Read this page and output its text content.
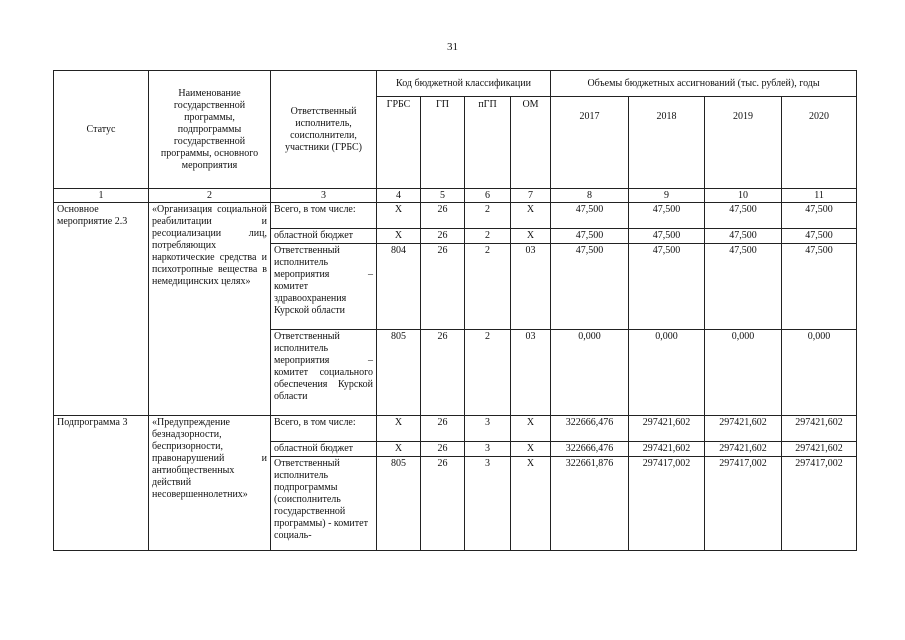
31
Статус	Наименование государственной программы, подпрограммы государственной программы, основного мероприятия	Ответственный исполнитель, соисполнители, участники (ГРБС)	Код бюджетной классификации				Объемы бюджетных ассигнований (тыс. рублей), годы			
			ГРБС	ГП	пГП	ОМ	2017	2018	2019	2020
1	2	3	4	5	6	7	8	9	10	11
Основное мероприятие 2.3	«Организация социальной реабилитации и ресоциализации лиц, потребляющих наркотические средства и психотропные вещества в немедицинских целях»	Всего, в том числе:	Х	26	2	Х	47,500	47,500	47,500	47,500
		областной бюджет	Х	26	2	Х	47,500	47,500	47,500	47,500
		Ответственный исполнитель мероприятия – комитет здравоохранения Курской области	804	26	2	03	47,500	47,500	47,500	47,500
		Ответственный исполнитель мероприятия – комитет социального обеспечения Курской области	805	26	2	03	0,000	0,000	0,000	0,000
Подпрограмма 3	«Предупреждение безнадзорности, беспризорности, правонарушений и антиобщественных действий несовершеннолетних»	Всего, в том числе:	Х	26	3	Х	322666,476	297421,602	297421,602	297421,602
		областной бюджет	Х	26	3	Х	322666,476	297421,602	297421,602	297421,602
		Ответственный исполнитель подпрограммы (соисполнитель государственной программы) - комитет социаль-	805	26	3	Х	322661,876	297417,002	297417,002	297417,002
